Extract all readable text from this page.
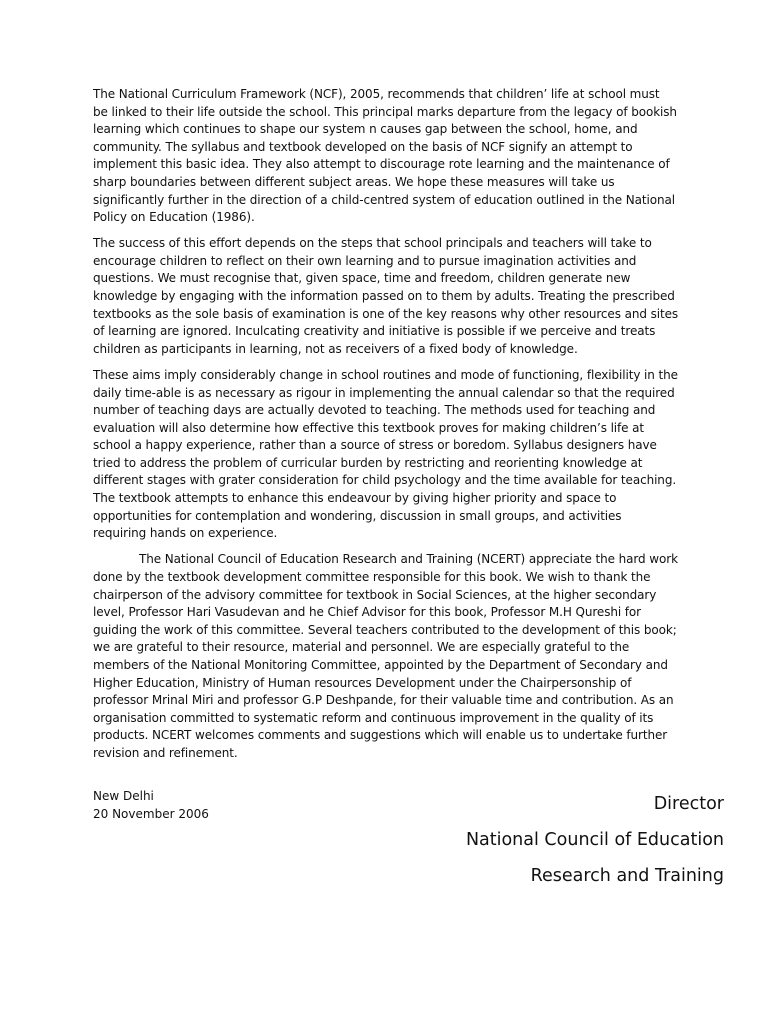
The National Curriculum Framework (NCF), 2005, recommends that children’ life at school must be linked to their life outside the school. This principal marks departure from the legacy of bookish learning which continues to shape our system n causes gap between the school, home, and community. The syllabus and textbook developed on the basis of NCF signify an attempt to implement this basic idea. They also attempt to discourage rote learning and the maintenance of sharp boundaries between different subject areas. We hope these measures will take us significantly further in the direction of a child-centred system of education outlined in the National Policy on Education (1986).

The success of this effort depends on the steps that school principals and teachers will take to encourage children to reflect on their own learning and to pursue imagination activities and questions. We must recognise that, given space, time and freedom, children generate new knowledge by engaging with the information passed on to them by adults. Treating the prescribed textbooks as the sole basis of examination is one of the key reasons why other resources and sites of learning are ignored. Inculcating creativity and initiative is possible if we perceive and treats children as participants in learning, not as receivers of a fixed body of knowledge.

These aims imply considerably change in school routines and mode of functioning, flexibility in the daily time-able is as necessary as rigour in implementing the annual calendar so that the required number of teaching days are actually devoted to teaching. The methods used for teaching and evaluation will also determine how effective this textbook proves for making children’s life at school a happy experience, rather than a source of stress or boredom. Syllabus designers have tried to address the problem of curricular burden by restricting and reorienting knowledge at different stages with grater consideration for child psychology and the time available for teaching. The textbook attempts to enhance this endeavour by giving higher priority and space to opportunities for contemplation and wondering, discussion in small groups, and activities requiring hands on experience.

The National Council of Education Research and Training (NCERT) appreciate the hard work done by the textbook development committee responsible for this book. We wish to thank the chairperson of the advisory committee for textbook in Social Sciences, at the higher secondary level, Professor Hari Vasudevan and he Chief Advisor for this book, Professor M.H Qureshi for guiding the work of this committee. Several teachers contributed to the development of this book; we are grateful to their resource, material and personnel. We are especially grateful to the members of the National Monitoring Committee, appointed by the Department of Secondary and Higher Education, Ministry of Human resources Development under the Chairpersonship of professor Mrinal Miri and professor G.P Deshpande, for their valuable time and contribution. As an organisation committed to systematic reform and continuous improvement in the quality of its products. NCERT welcomes comments and suggestions which will enable us to undertake further revision and refinement.

New Delhi
20 November 2006	Director
National Council of Education
Research and Training
